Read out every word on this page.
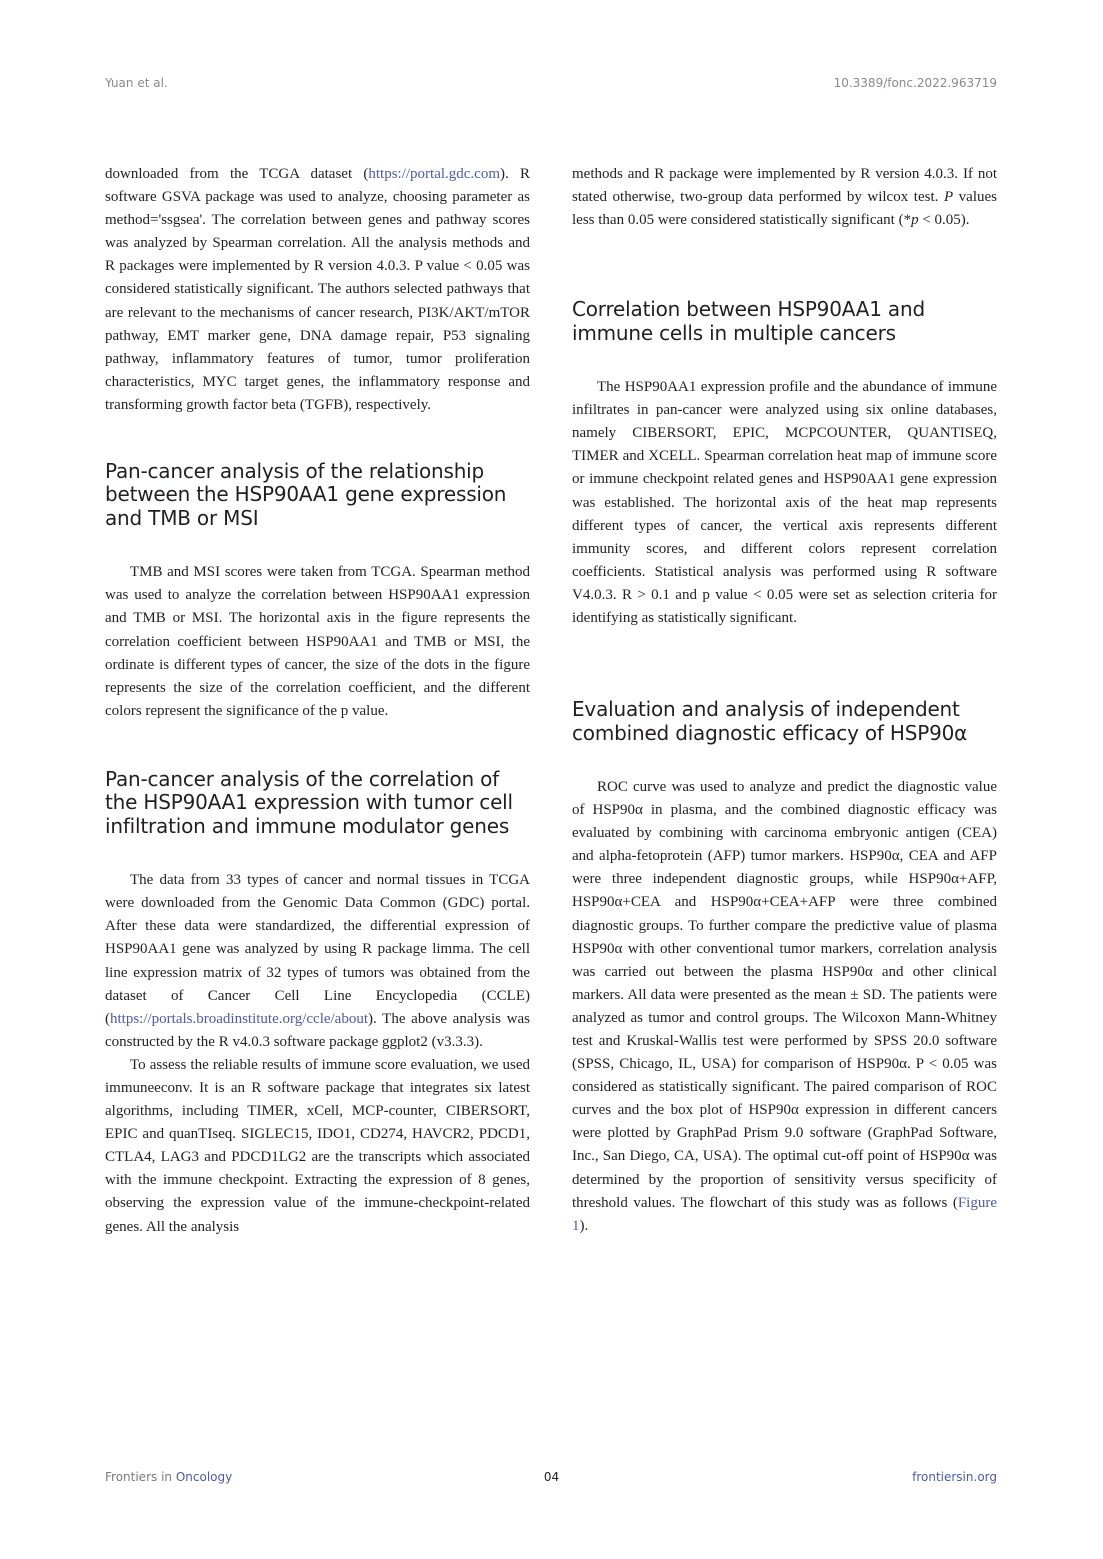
Yuan et al.	10.3389/fonc.2022.963719

downloaded from the TCGA dataset (https://portal.gdc.com). R software GSVA package was used to analyze, choosing parameter as method='ssgsea'. The correlation between genes and pathway scores was analyzed by Spearman correlation. All the analysis methods and R packages were implemented by R version 4.0.3. P value < 0.05 was considered statistically significant. The authors selected pathways that are relevant to the mechanisms of cancer research, PI3K/AKT/mTOR pathway, EMT marker gene, DNA damage repair, P53 signaling pathway, inflammatory features of tumor, tumor proliferation characteristics, MYC target genes, the inflammatory response and transforming growth factor beta (TGFB), respectively.

Pan-cancer analysis of the relationship between the HSP90AA1 gene expression and TMB or MSI

TMB and MSI scores were taken from TCGA. Spearman method was used to analyze the correlation between HSP90AA1 expression and TMB or MSI. The horizontal axis in the figure represents the correlation coefficient between HSP90AA1 and TMB or MSI, the ordinate is different types of cancer, the size of the dots in the figure represents the size of the correlation coefficient, and the different colors represent the significance of the p value.

Pan-cancer analysis of the correlation of the HSP90AA1 expression with tumor cell infiltration and immune modulator genes

The data from 33 types of cancer and normal tissues in TCGA were downloaded from the Genomic Data Common (GDC) portal. After these data were standardized, the differential expression of HSP90AA1 gene was analyzed by using R package limma. The cell line expression matrix of 32 types of tumors was obtained from the dataset of Cancer Cell Line Encyclopedia (CCLE) (https://portals.broadinstitute.org/ccle/about). The above analysis was constructed by the R v4.0.3 software package ggplot2 (v3.3.3).

To assess the reliable results of immune score evaluation, we used immuneeconv. It is an R software package that integrates six latest algorithms, including TIMER, xCell, MCP-counter, CIBERSORT, EPIC and quanTIseq. SIGLEC15, IDO1, CD274, HAVCR2, PDCD1, CTLA4, LAG3 and PDCD1LG2 are the transcripts which associated with the immune checkpoint. Extracting the expression of 8 genes, observing the expression value of the immune-checkpoint-related genes. All the analysis

methods and R package were implemented by R version 4.0.3. If not stated otherwise, two-group data performed by wilcox test. P values less than 0.05 were considered statistically significant (*p < 0.05).

Correlation between HSP90AA1 and immune cells in multiple cancers

The HSP90AA1 expression profile and the abundance of immune infiltrates in pan-cancer were analyzed using six online databases, namely CIBERSORT, EPIC, MCPCOUNTER, QUANTISEQ, TIMER and XCELL. Spearman correlation heat map of immune score or immune checkpoint related genes and HSP90AA1 gene expression was established. The horizontal axis of the heat map represents different types of cancer, the vertical axis represents different immunity scores, and different colors represent correlation coefficients. Statistical analysis was performed using R software V4.0.3. R > 0.1 and p value < 0.05 were set as selection criteria for identifying as statistically significant.

Evaluation and analysis of independent combined diagnostic efficacy of HSP90α

ROC curve was used to analyze and predict the diagnostic value of HSP90α in plasma, and the combined diagnostic efficacy was evaluated by combining with carcinoma embryonic antigen (CEA) and alpha-fetoprotein (AFP) tumor markers. HSP90α, CEA and AFP were three independent diagnostic groups, while HSP90α+AFP, HSP90α+CEA and HSP90α+CEA+AFP were three combined diagnostic groups. To further compare the predictive value of plasma HSP90α with other conventional tumor markers, correlation analysis was carried out between the plasma HSP90α and other clinical markers. All data were presented as the mean ± SD. The patients were analyzed as tumor and control groups. The Wilcoxon Mann-Whitney test and Kruskal-Wallis test were performed by SPSS 20.0 software (SPSS, Chicago, IL, USA) for comparison of HSP90α. P < 0.05 was considered as statistically significant. The paired comparison of ROC curves and the box plot of HSP90α expression in different cancers were plotted by GraphPad Prism 9.0 software (GraphPad Software, Inc., San Diego, CA, USA). The optimal cut-off point of HSP90α was determined by the proportion of sensitivity versus specificity of threshold values. The flowchart of this study was as follows (Figure 1).

Frontiers in Oncology	04	frontiersin.org
